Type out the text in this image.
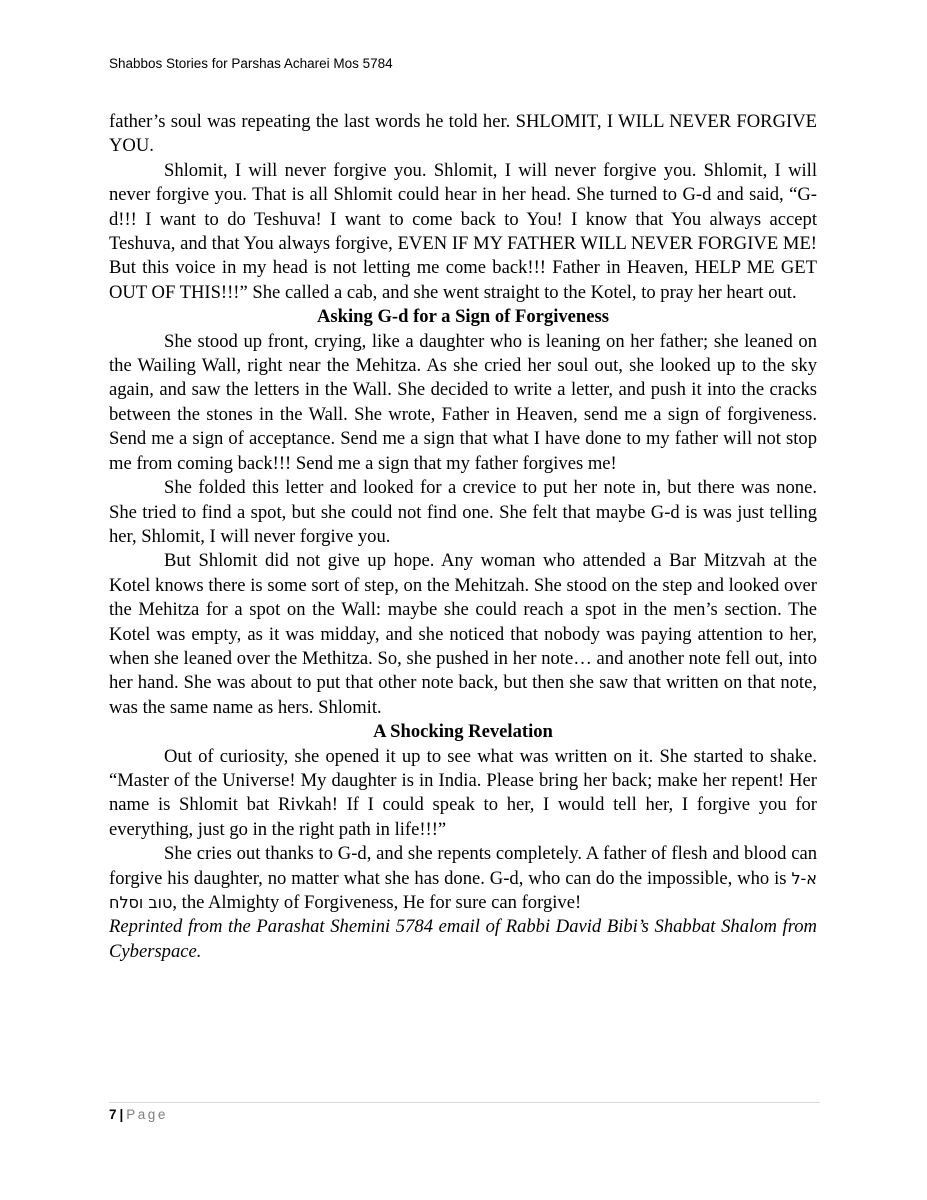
Shabbos Stories for Parshas Acharei Mos 5784

father’s soul was repeating the last words he told her. SHLOMIT, I WILL NEVER FORGIVE YOU.

Shlomit, I will never forgive you. Shlomit, I will never forgive you. Shlomit, I will never forgive you. That is all Shlomit could hear in her head. She turned to G-d and said, “G-d!!! I want to do Teshuva! I want to come back to You! I know that You always accept Teshuva, and that You always forgive, EVEN IF MY FATHER WILL NEVER FORGIVE ME! But this voice in my head is not letting me come back!!! Father in Heaven, HELP ME GET OUT OF THIS!!!” She called a cab, and she went straight to the Kotel, to pray her heart out.

Asking G-d for a Sign of Forgiveness

She stood up front, crying, like a daughter who is leaning on her father; she leaned on the Wailing Wall, right near the Mehitza. As she cried her soul out, she looked up to the sky again, and saw the letters in the Wall. She decided to write a letter, and push it into the cracks between the stones in the Wall. She wrote, Father in Heaven, send me a sign of forgiveness. Send me a sign of acceptance. Send me a sign that what I have done to my father will not stop me from coming back!!! Send me a sign that my father forgives me!

She folded this letter and looked for a crevice to put her note in, but there was none. She tried to find a spot, but she could not find one. She felt that maybe G-d is was just telling her, Shlomit, I will never forgive you.

But Shlomit did not give up hope. Any woman who attended a Bar Mitzvah at the Kotel knows there is some sort of step, on the Mehitzah. She stood on the step and looked over the Mehitza for a spot on the Wall: maybe she could reach a spot in the men’s section. The Kotel was empty, as it was midday, and she noticed that nobody was paying attention to her, when she leaned over the Methitza. So, she pushed in her note… and another note fell out, into her hand. She was about to put that other note back, but then she saw that written on that note, was the same name as hers. Shlomit.

A Shocking Revelation

Out of curiosity, she opened it up to see what was written on it. She started to shake. “Master of the Universe! My daughter is in India. Please bring her back; make her repent! Her name is Shlomit bat Rivkah! If I could speak to her, I would tell her, I forgive you for everything, just go in the right path in life!!!”

She cries out thanks to G-d, and she repents completely. A father of flesh and blood can forgive his daughter, no matter what she has done. G-d, who can do the impossible, who is א-ל טוב וסלח, the Almighty of Forgiveness, He for sure can forgive!

Reprinted from the Parashat Shemini 5784 email of Rabbi David Bibi’s Shabbat Shalom from Cyberspace.

7 | Page
